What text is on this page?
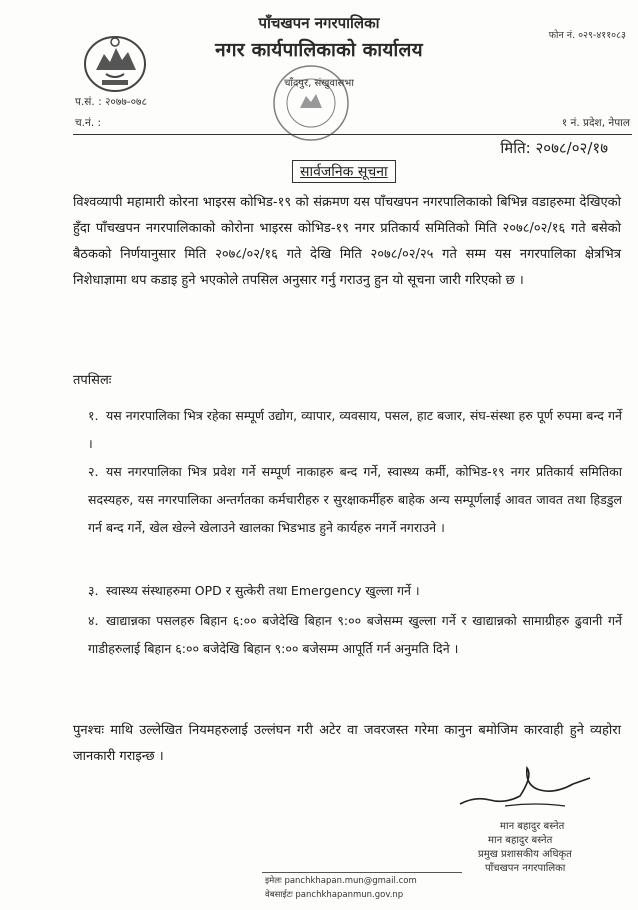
पाँचखपन नगरपालिका
नगर कार्यपालिकाको कार्यालय
चाँदपुर, संखुवासभा
फोन नं. ०२९-४११०८३
प.सं. : २०७७-०७८
च.नं. :	१ नं. प्रदेश, नेपाल
मिति: २०७८/०२/१७
सार्वजनिक सूचना
विश्वव्यापी महामारी कोरना भाइरस कोभिड-१९ को संक्रमण यस पाँचखपन नगरपालिकाको बिभिन्न वडाहरुमा देखिएको हुँदा पाँचखपन नगरपालिकाको कोरोना भाइरस कोभिड-१९ नगर प्रतिकार्य समितिको मिति २०७८/०२/१६ गते बसेको बैठकको निर्णयानुसार मिति २०७८/०२/१६ गते देखि मिति २०७८/०२/२५ गते सम्म यस नगरपालिका क्षेत्रभित्र निशेधाज्ञामा थप कडाइ हुने भएकोले तपसिल अनुसार गर्नु गराउनु हुन यो सूचना जारी गरिएको छ ।
तपसिलः
१. यस नगरपालिका भित्र रहेका सम्पूर्ण उद्योग, व्यापार, व्यवसाय, पसल, हाट बजार, संघ-संस्था हरु पूर्ण रुपमा बन्द गर्ने ।
२. यस नगरपालिका भित्र प्रवेश गर्ने सम्पूर्ण नाकाहरु बन्द गर्ने, स्वास्थ्य कर्मी, कोभिड-१९ नगर प्रतिकार्य समितिका सदस्यहरु, यस नगरपालिका अन्तर्गतका कर्मचारीहरु र सुरक्षाकर्मीहरु बाहेक अन्य सम्पूर्णलाई आवत जावत तथा हिडडुल गर्न बन्द गर्ने, खेल खेल्ने खेलाउने खालका भिडभाड हुने कार्यहरु नगर्ने नगराउने ।
३. स्वास्थ्य संस्थाहरुमा OPD र सुत्केरी तथा Emergency खुल्ला गर्ने ।
४. खाद्यान्नका पसलहरु बिहान ६:०० बजेदेखि बिहान ९:०० बजेसम्म खुल्ला गर्ने र खाद्यान्नको सामाग्रीहरु ढुवानी गर्ने गाडीहरुलाई बिहान ६:०० बजेदेखि बिहान ९:०० बजेसम्म आपूर्ति गर्न अनुमति दिने ।
पुनश्चः माथि उल्लेखित नियमहरुलाई उल्लंघन गरी अटेर वा जवरजस्त गरेमा कानुन बमोजिम कारवाही हुने व्यहोरा जानकारी गराइन्छ ।
मान बहादुर बस्नेत
मान बहादुर बस्नेत
प्रमुख प्रशासकीय अधिकृत
पाँचखपन नगरपालिका
इमेलः panchkhapan.mun@gmail.com
वेबसाईटः panchkhapanmun.gov.np
